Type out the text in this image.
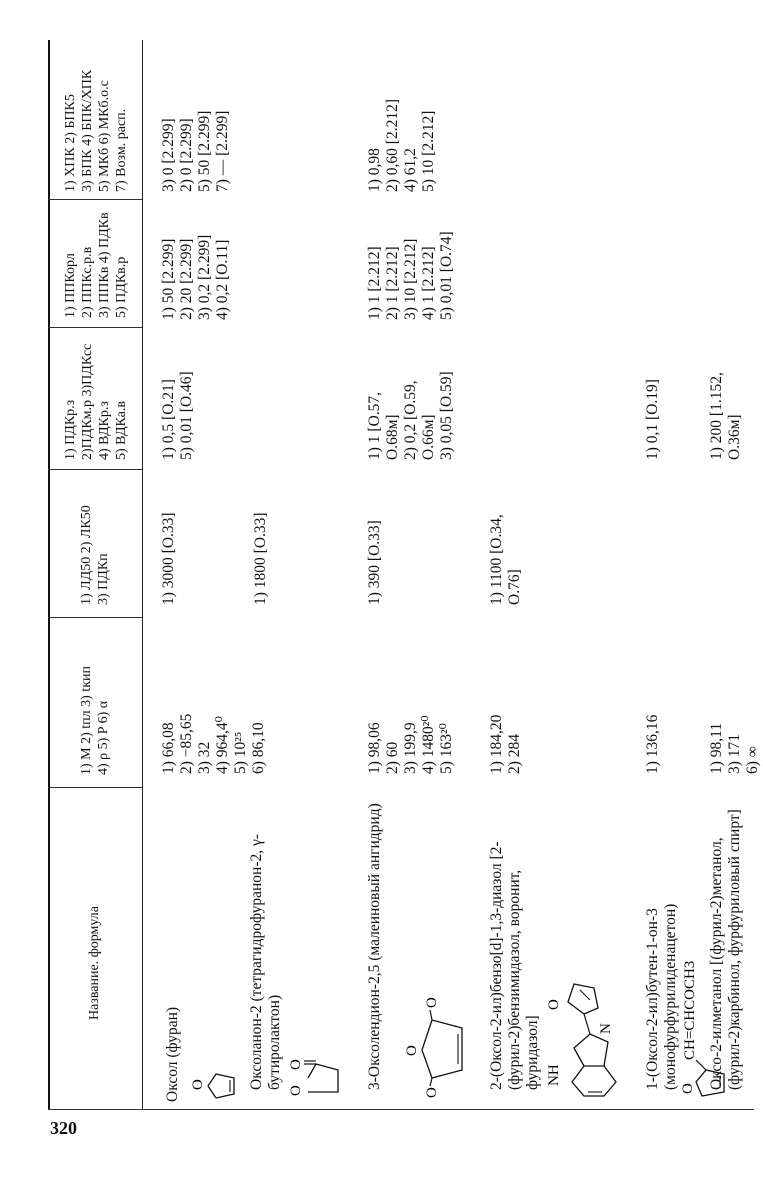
320
Название. формула
1) M 2) tпл 3) tкип 4) ρ 5) P 6) α
1) ЛД50 2) ЛК50 3) ПДКп
1) ПДКр.з 2)ПДКм.р 3)ПДКсс 4) ВДКр.з 5) ВДКа.в
1) ППКорл 2) ППКс.р.в 3) ППКв 4) ПДКв 5) ПДКв.р
1) ХПК 2) БПК5 3) БПК 4) БПК/ХПК 5) МКб 6) МКб.о.с 7) Возм. расп.
Оксол (фуран) O
1) 66,08 2) −85,65 3) 32 4) 964,4⁰ 5) 10²⁵ 6) 86,10
1) 0,5 [О.21] 5) 0,01 [О.46]
1) 50 [2.299] 2) 20 [2.299] 3) 0,2 [2.299] 4) 0,2 [О.11]
3) 0 [2.299] 2) 0 [2.299] 5) 50 [2.299] 7) — [2.299]
Оксоланон-2 (тетрагидрофуранон-2, γ-бутиролактон)
O
O
1) 3000 [О.33]	1) 1800 [О.33]
3-Оксолендион-2,5 (малеиновый ангидрид)
O
O
O
1) 98,06 2) 60 3) 199,9 4) 1480²⁰ 5) 163²⁰
1) 390 [О.33]
1) 1 [О.57, О.68м] 2) 0,2 [О.59, О.66м] 3) 0,05 [О.59]
1) 1 [2.212] 2) 1 [2.212] 3) 10 [2.212] 4) 1 [2.212] 5) 0,01 [О.74]
1) 0,98 2) 0,60 [2.212] 4) 61,2 5) 10 [2.212]
2-(Оксол-2-ил)бензо[d]-1,3-диазол [2-(фурил-2)бензимидазол, воронит, фуридазол] NH
O
N
1) 184,20 2) 284
1) 1100 [О.34, О.76]
1-(Оксол-2-ил)бутен-1-он-3 (монофурфурилиденацетон) O
CH=CHCOCH3
1) 136,16
1) 0,1 [О.19]
Оксо-2-илметанол [(фурил-2)метанол, (фурил-2)карбинол, фурфуриловый спирт]
1) 98,11 3) 171 6) ∞
1) 200 [1.152, О.36м]
